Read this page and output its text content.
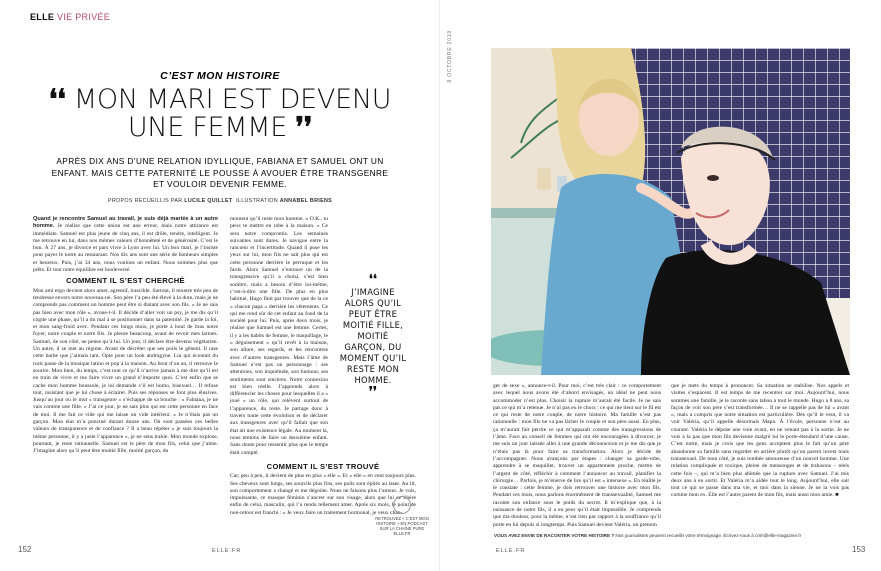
ELLE VIE PRIVÉE
C’EST MON HISTOIRE
❛❛ MON MARI EST DEVENU
UNE FEMME ❜❜
APRÈS DIX ANS D’UNE RELATION IDYLLIQUE, FABIANA ET SAMUEL ONT UN ENFANT. MAIS CETTE PATERNITÉ LE POUSSE À AVOUER ÊTRE TRANSGENRE ET VOULOIR DEVENIR FEMME.
PROPOS RECUEILLIS PAR LUCILE QUILLET ILLUSTRATION ANNABEL BRIENS

Quand je rencontre Samuel au travail, je suis déjà mariée à un autre homme. Je réalise que cette union est une erreur, mais notre attirance est immédiate. Samuel est plus jeune de cinq ans, il est drôle, tendre, intelligent. Je me retrouve en lui, dans nos mêmes valeurs d’honnêteté et de générosité. C’est le bon. À 27 ans, je divorce et pars vivre à Lyon avec lui. Un bon mari, je l’insiste pour payer le notre au restaurant. Nos dix ans sont une série de bonheurs simples et heureux. Puis, j’ai 34 ans, nous voulons un enfant. Nous sommes plus que prêts. Et tout notre équilibre est bouleversé.

COMMENT IL S’EST CHERCHÉ

Mon ami ergo devient alors amer, agressif, irascible. Surtout, il montre très peu de tendresse envers notre nouveau-né. Son père l’a peu été élevé à la dure, mais je ne comprends pas comment un homme peut être si distant avec son fils. « Je ne sais pas bien avec mon rôle », avoue-t-il. Il décide d’aller voir un psy, je me dis qu’il cogite une phase, qu’il a du mal à se positionner dans sa paternité. Je garde la foi, et mon sang-froid avec. Pendant ces longs mois, je porte à bout de bras notre foyer, notre couple et notre fils. Je pleure beaucoup, avant de revoir mes larmes. Samuel, de son côté, ne pense qu’à lui. Un jour, il déclare être devenu végétarien. Un autre, il se met au régime. Avant de décréter que ses poils le gênent. Il rase cette barbe que j’aimais tant. Opte pour un look androgyne. Lui qui écoutait du rock passe de la musique latino et pop à la maison. Au bout d’un an, il retrouve le sourire. Mon bien, du temps, c’est tout ce qu’il n’arrive jamais à me dire qu’il est en train de vivre et me faire vivre un grand n’importe quoi. C’est enfin que se cache mon homme boussole, je lui demande s’il est homo, bisexuel… Il refuse tout, insistant que je lui chose à éclairer. Puis ses réponses se font plus élusives. Jusqu’au jour où le mot « transgenre » s’échappe de sa bouche : « Fabiana, je ne vais comme une fille. » J’ai ce jour, je ne sais plus qui est cette personne en face de moi. Il me fait ce vide qui me laisse un vide intérieur. « Je n’étais pas un garçon. Mon état m’a ponctué durant douze ans. Où sont passées ces belles valeurs de transparence et de confiance ? Il a beau répéter « je suis toujours la même personne, il y a juste l’apparence », je ne sens trahie. Mon monde explose, pourtant, je reste rationnelle. Samuel est le père de mon fils, celui que j’aime. J’imagine alors qu’il peut être moitié fille, moitié garçon, du

moment qu’il reste mon homme. « O.K., tu peux te mettre en robe à la maison. » Ce sera notre compromis. Les semaines suivantes sont dures. Je navigue entre la rancœur et l’incertitude. Quand il pose les yeux sur lui, mon fils ne sait plus qui est cette personne derrière le perruque et les fards. Alors Samuel s’entoure un de la transgressive qu’il a choisi, s’est bien sombre, mais a besoin d’être lui-même, c’est-à-dire une fille. De plus en plus habitué, Hugo finit par trouver que de la ce « chacun papa » derrière les vêtements. Ce qui me rend sûr de cet enfant au fond de la société pour lui. Puis, après deux mois, je réalise que Samuel est une femme. Certes, il y a les habits de femme, le maquillage, le « déguisement » qu’il revêt à la maison, son allure, ses regards, et les rencontres avec d’autres transgenres. Mais l’âme de Samuel n’est pas un personnage : ses attentions, son inquiétude, son humour, ses sentiments sont sincères. Notre connexion est bien réelle. J’apprends alors à différencier les choses pour lesquelles il a « joué » un rôle, qui relèvent surtout de l’apparence, du reste. Je partage donc à travers toute cette évolution et de déclarer aux transgenres avec qu’il fallait que son état ait une existence légale. Au moment là, nous tentons de faire un deuxième enfant. Sans doute pour ressentir plus que le temps était compté.

COMMENT IL S’EST TROUVÉ

Car, peu à peu, il devient de plus en plus « elle ». Et « elle » en veut toujours plus. Ses cheveux sont longs, ses sourcils plus fins, ses poils sont épilés au laser. Au lit, son comportement a changé et me dégoûte. Nous ne faisons plus l’amour. Je vois, impuissante, ce masque féminin s’ancrer sur son visage, alors que lui se libère enfin de celui, masculin, qui l’a rendu tellement amer. Après six mois, le point de non-retour est franchi : « Je veux faire un traitement hormonal, je veux chan-

❛❛
J’IMAGINE ALORS QU’IL PEUT ÊTRE MOITIÉ FILLE, MOITIÉ GARÇON, DU MOMENT QU’IL RESTE MON HOMME.
❜❜
RETROUVEZ « C’EST MON HISTOIRE » EN PODCAST SUR LA CHAÎNE PURE ELLE.FR
152	ELLE.FR
8 OCTOBRE 2019

ger de sexe », annonce-t-il. Pour moi, c’est très clair : ce comportement avec lequel nous avons été d’abord envisagés, un idéal ne peut nous accommoder n’est plus. Choisir la rupture m’aurait été facile. Je ne sais pas ce qui m’a retenue. Je n’ai pas eu le choix : ce qui me tient sur le fil est ce qui reste de notre couple, de notre histoire. Ma famille n’est pas rationnelle : mon fils ne va pas lâcher le couple et son père aussi. En plus, ça m’aurait fait perdre ce qui m’apparaît comme des transgressions de l’âme. Face au conseil de femmes qui ont été encouragées à divorcer, je me suis un jour laissée aller à une grande déconnexion et je me dis que je n’étais pas là pour faire sa transformation. Alors je décide de l’accompagner. Nous avançons par étapes : changer sa garde-robe, apprendre à se maquiller, trouver un appartement proche, mettre de l’argent de côté, réfléchir à comment l’annoncer au travail, planifier la chirurgie… Parfois, je m’énerve de lire qu’il est « intersexe ». En réalité je le constate : cette femme, je dois retrouver une histoire avec mon fils. Pendant ces mois, nous parlons énormément de transsexualité, Samuel me raconte son enfance sous le poids du secret. Il m’explique que, à la naissance de notre fils, il a eu peur qu’il était impossible. Je comprends que ma douleur, pour la même, n’est rien par rapport à la souffrance qu’il porte en lui depuis si longtemps. Puis Samuel devient Valéria, un prénom

que je mets du temps à prononcer. Sa situation se stabilise. Nos appels et visites s’espacent. Il est temps de me recentrer sur moi. Aujourd’hui, nous sommes une famille, je le raconte sans tabou à tout le monde. Hugo a 8 ans, sa façon de voir son père s’est transformée… Il ne se rappelle pas de lui « avant », mais a compris que notre situation est particulière. Dès qu’il le veut, il va voir Valéria, qu’il appelle désormais Mapa. À l’école, personne n’est au courant. Valéria le dépose une voie avant, en ne venant pas à la sortie. Je ne vois à la pas que mon fils devienne malgré lui le porte-étendard d’une cause. C’est notre, mais je crois que les gens acceptent plus le fait qu’un père abandonne sa famille sans regarder en arrière plutôt qu’un parent invest mais transsexuel. De mon côté, je suis tombée amoureuse d’un nouvel homme. Une relation compliquée et toxique, pleine de mensonges et de trahisons – réels cette fois –, qui m’a bien plus abîmée que la rupture avec Samuel. J’ai mis deux ans à en sortir. Et Valéria m’a aidée tout le long. Aujourd’hui, elle sait tout ce qui se passe dans ma vie, et moi dans la sienne. Je ne la vois pas comme mon ex. Elle est l’autre parent de mon fils, mais aussi mon amie. ■

VOUS AVEZ ENVIE DE RACONTER VOTRE HISTOIRE ? Nos journalistes peuvent recueillir votre témoignage. Écrivez-nous à cmh@elle-magazine.fr
ELLE.FR	153
